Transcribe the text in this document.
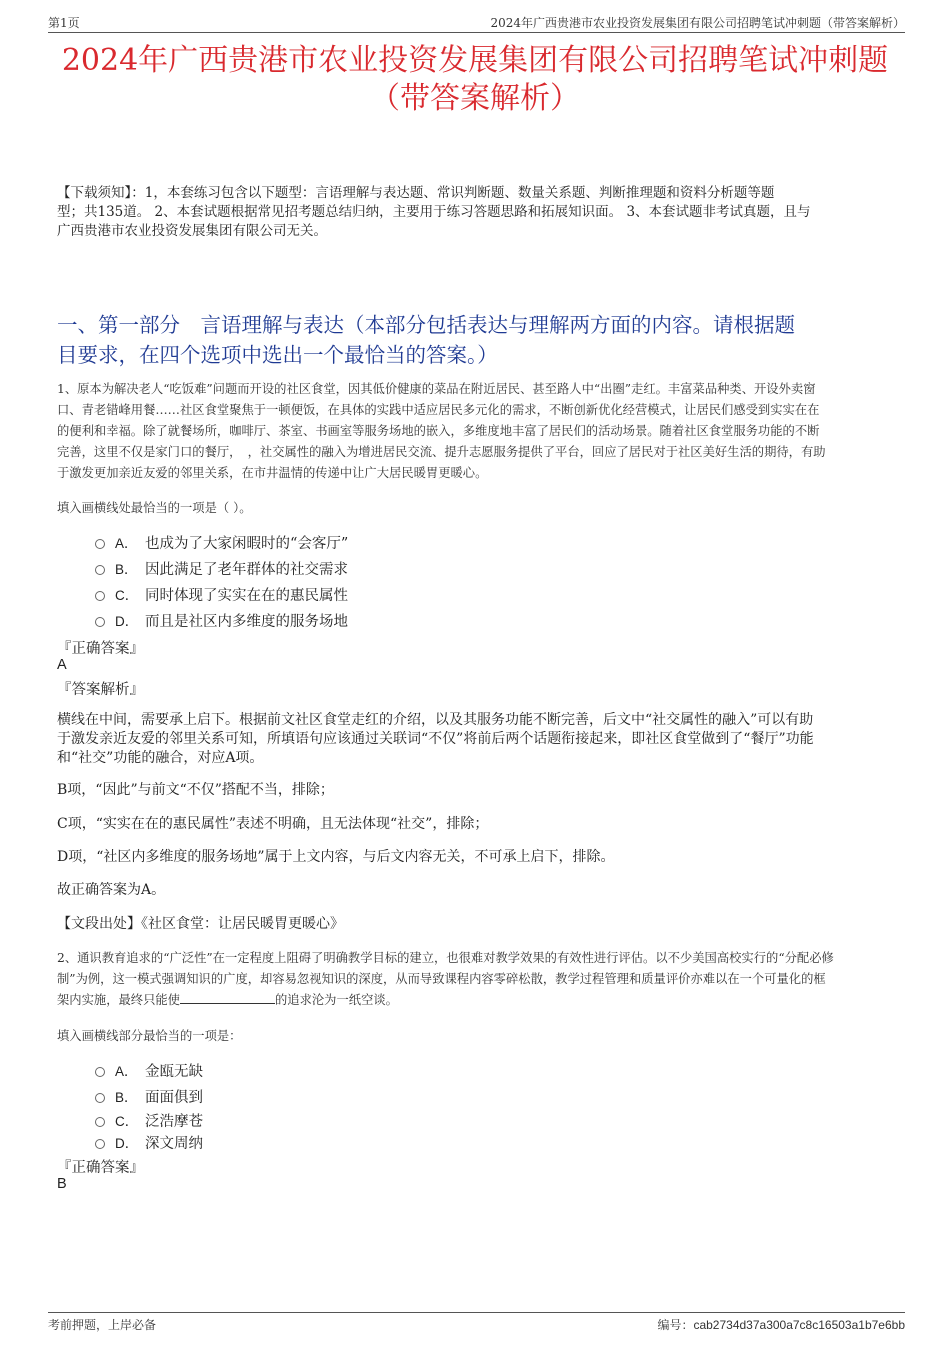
第1页	2024年广西贵港市农业投资发展集团有限公司招聘笔试冲刺题（带答案解析）
2024年广西贵港市农业投资发展集团有限公司招聘笔试冲刺题
（带答案解析）
【下载须知】：1，本套练习包含以下题型：言语理解与表达题、常识判断题、数量关系题、判断推理题和资料分析题等题
型；共135道。 2、本套试题根据常见招考题总结归纳，主要用于练习答题思路和拓展知识面。 3、本套试题非考试真题，且与
广西贵港市农业投资发展集团有限公司无关。
一、第一部分　言语理解与表达（本部分包括表达与理解两方面的内容。请根据题
目要求，在四个选项中选出一个最恰当的答案。）
1、原本为解决老人“吃饭难”问题而开设的社区食堂，因其低价健康的菜品在附近居民、甚至路人中“出圈”走红。丰富菜品种类、开设外卖窗
口、青老错峰用餐……社区食堂聚焦于一顿便饭，在具体的实践中适应居民多元化的需求，不断创新优化经营模式，让居民们感受到实实在在
的便利和幸福。除了就餐场所，咖啡厅、茶室、书画室等服务场地的嵌入，多维度地丰富了居民们的活动场景。随着社区食堂服务功能的不断
完善，这里不仅是家门口的餐厅，　，社交属性的融入为增进居民交流、提升志愿服务提供了平台，回应了居民对于社区美好生活的期待，有助
于激发更加亲近友爱的邻里关系，在市井温情的传递中让广大居民暖胃更暖心。
填入画横线处最恰当的一项是（ ）。
A． 也成为了大家闲暇时的“会客厅”
B． 因此满足了老年群体的社交需求
C． 同时体现了实实在在的惠民属性
D． 而且是社区内多维度的服务场地
『正确答案』
A
『答案解析』
横线在中间，需要承上启下。根据前文社区食堂走红的介绍，以及其服务功能不断完善，后文中“社交属性的融入”可以有助
于激发亲近友爱的邻里关系可知，所填语句应该通过关联词“不仅”将前后两个话题衔接起来，即社区食堂做到了“餐厅”功能
和“社交”功能的融合，对应A项。
B项，“因此”与前文“不仅”搭配不当，排除；
C项，“实实在在的惠民属性”表述不明确，且无法体现“社交”，排除；
D项，“社区内多维度的服务场地”属于上文内容，与后文内容无关，不可承上启下，排除。
故正确答案为A。
【文段出处】《社区食堂：让居民暖胃更暖心》
2、通识教育追求的“广泛性”在一定程度上阻碍了明确教学目标的建立，也很难对教学效果的有效性进行评估。以不少美国高校实行的“分配必修
制”为例，这一模式强调知识的广度，却容易忽视知识的深度，从而导致课程内容零碎松散，教学过程管理和质量评价亦难以在一个可量化的框
架内实施，最终只能使	的追求沦为一纸空谈。
填入画横线部分最恰当的一项是：
A． 金瓯无缺
B． 面面俱到
C． 泛浩摩苍
D． 深文周纳
『正确答案』
B
考前押题，上岸必备	编号：cab2734d37a300a7c8c16503a1b7e6bb
